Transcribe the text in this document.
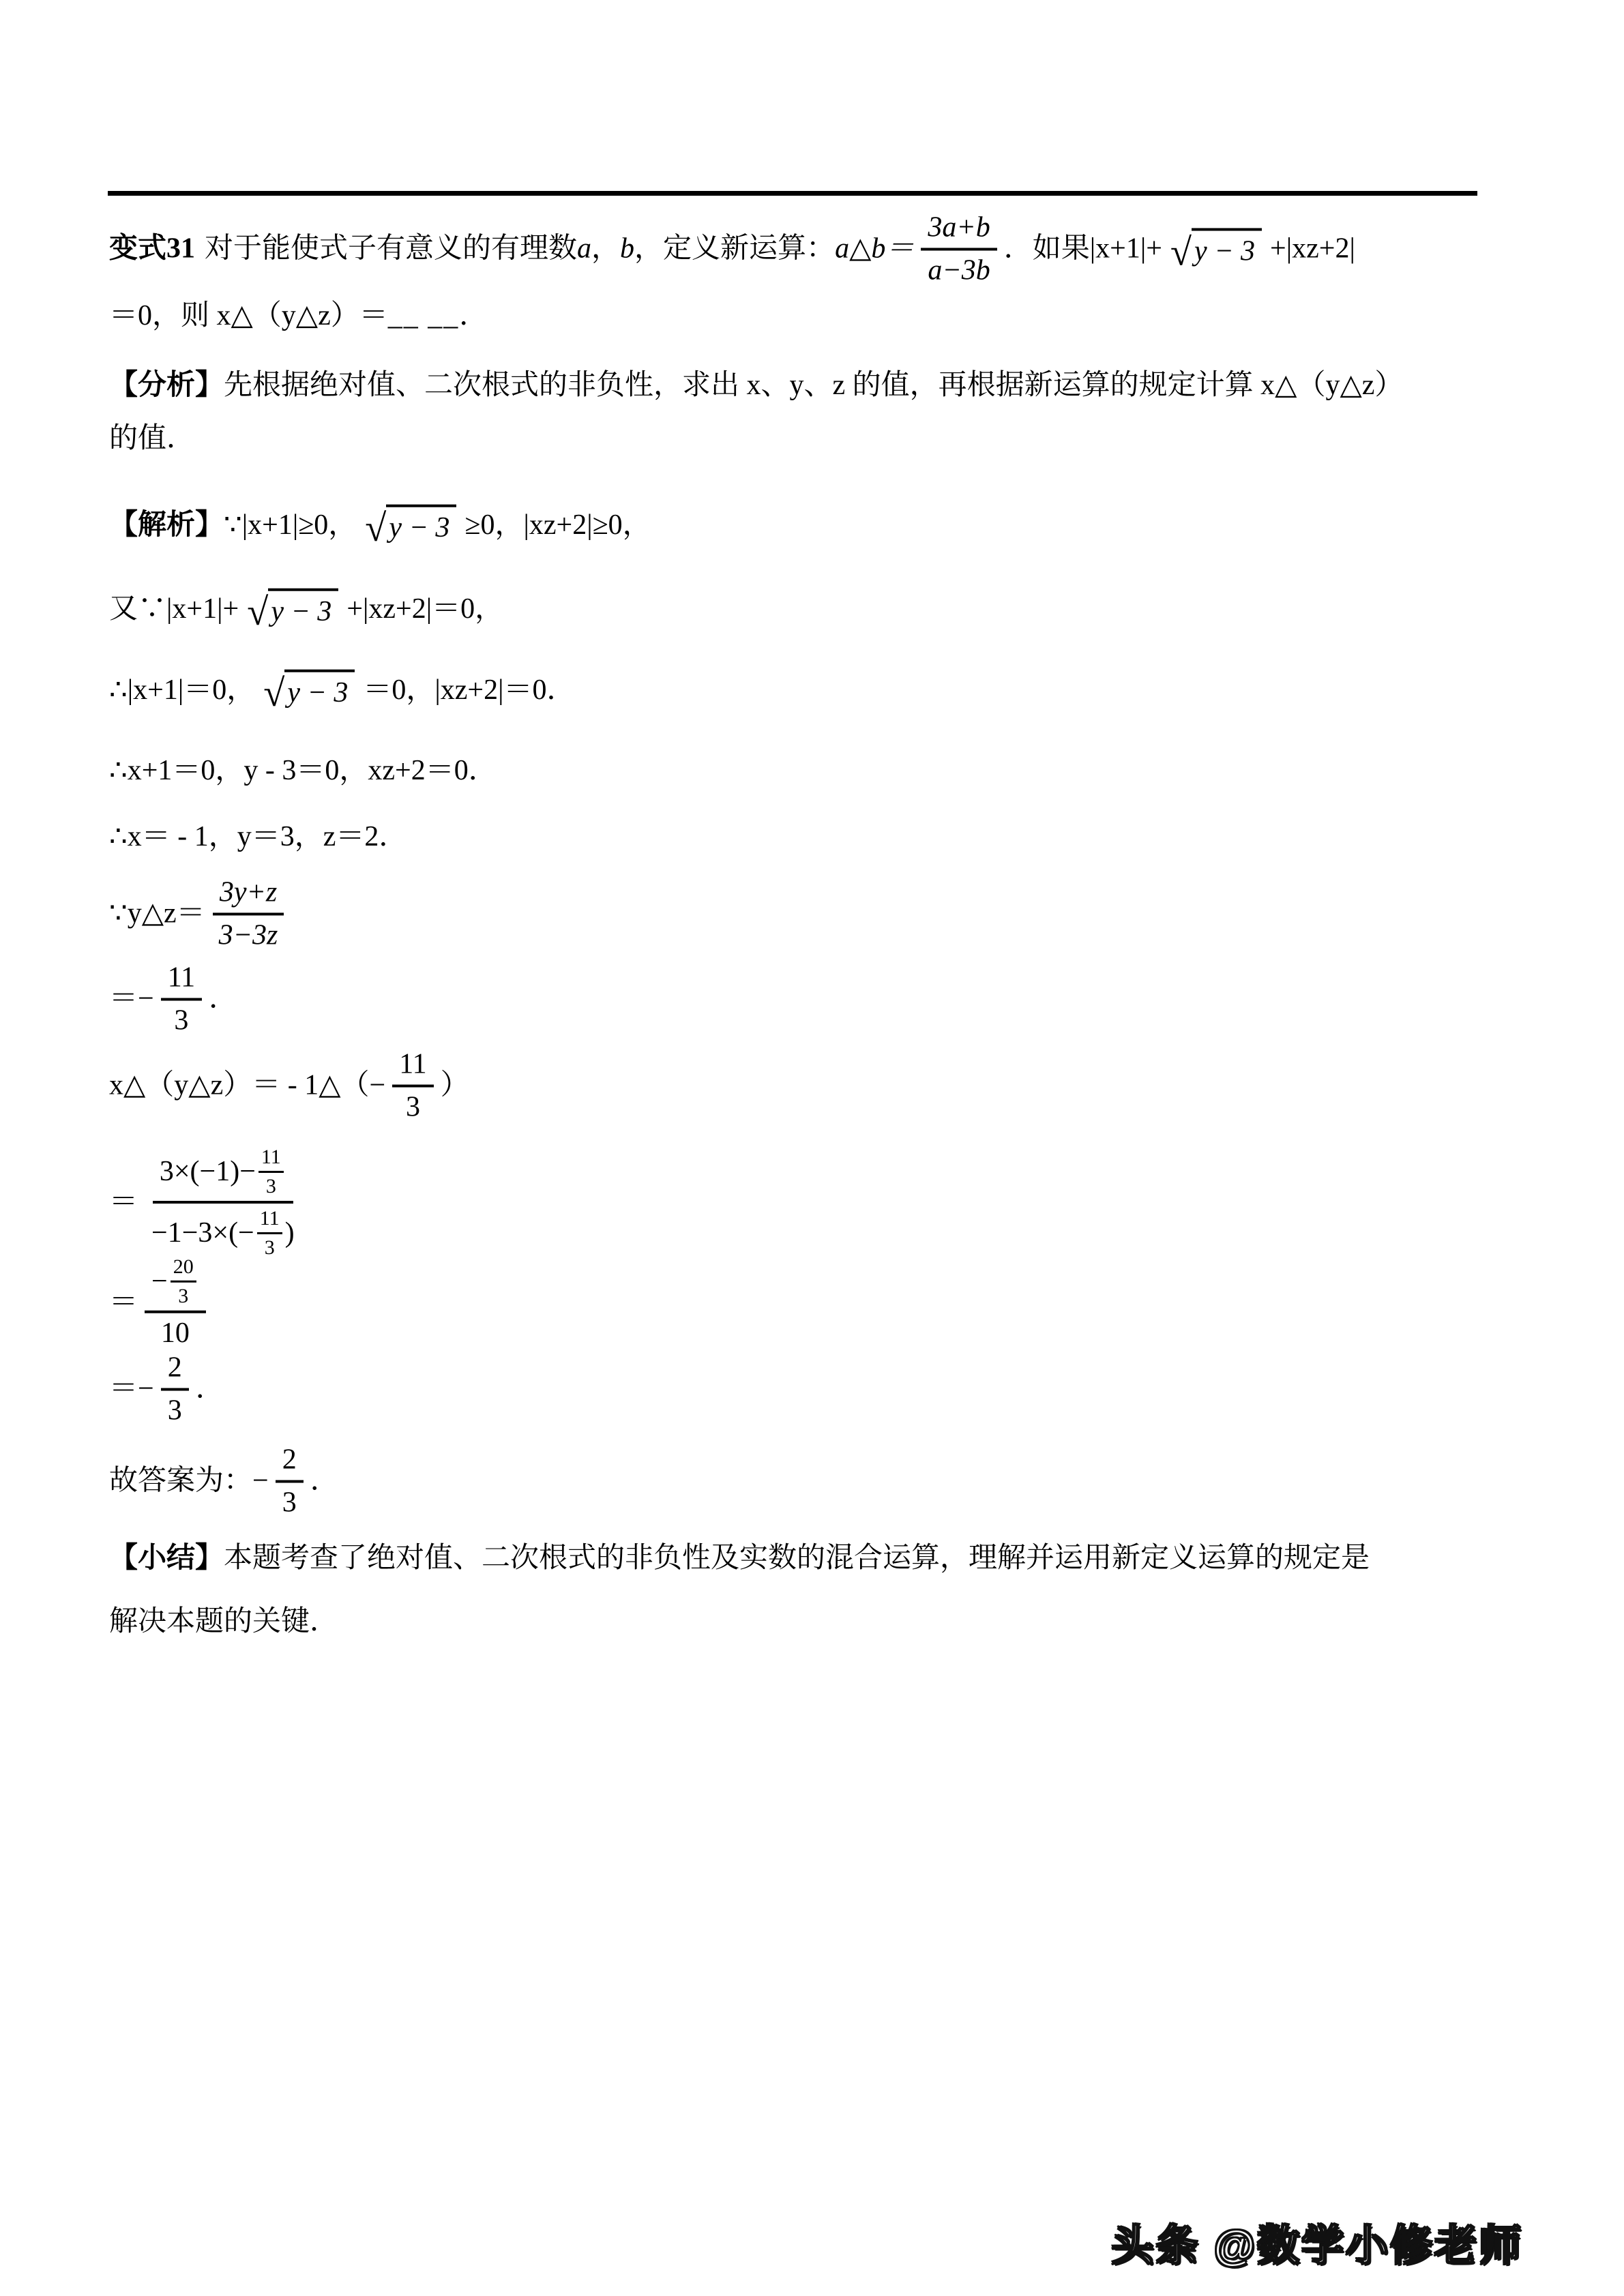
变式31 对于能使式子有意义的有理数 a ， b ，定义新运算： a△b＝ $\frac{3a+b}{a-3b}$ ．如果|x+1|+ √ y − 3 +|xz+2|
＝0，则 x△（y△z）＝ __ __ ．
【分析】 先根据绝对值、二次根式的非负性，求出 x、y、z 的值，再根据新运算的规定计算 x△（y△z）
的值．
【解析】 ∵|x+1|≥0， √ y − 3 ≥0，|xz+2|≥0，
又∵|x+1|+ √ y − 3 +|xz+2|＝0，
∴|x+1|＝0， √ y − 3 ＝0，|xz+2|＝0．
∴x+1＝0，y - 3＝0，xz+2＝0．
∴x＝ - 1，y＝3，z＝2．
∵y△z＝ $\frac{3y+z}{3-3z}$
＝− $\frac{11}{3}$ ．
x△（y△z）＝ - 1△（− $\frac{11}{3}$ ）
＝ $\frac{3\times(-1)- \frac{11}{3}}{-1-3\times(- \frac{11}{3} )}$
＝ $\frac{- \frac{20}{3}}{10}$
＝− $\frac{2}{3}$ ．
故答案为：− $\frac{2}{3}$ ．
【小结】 本题考查了绝对值、二次根式的非负性及实数的混合运算，理解并运用新定义运算的规定是
解决本题的关键．
头条 @数学小修老师
